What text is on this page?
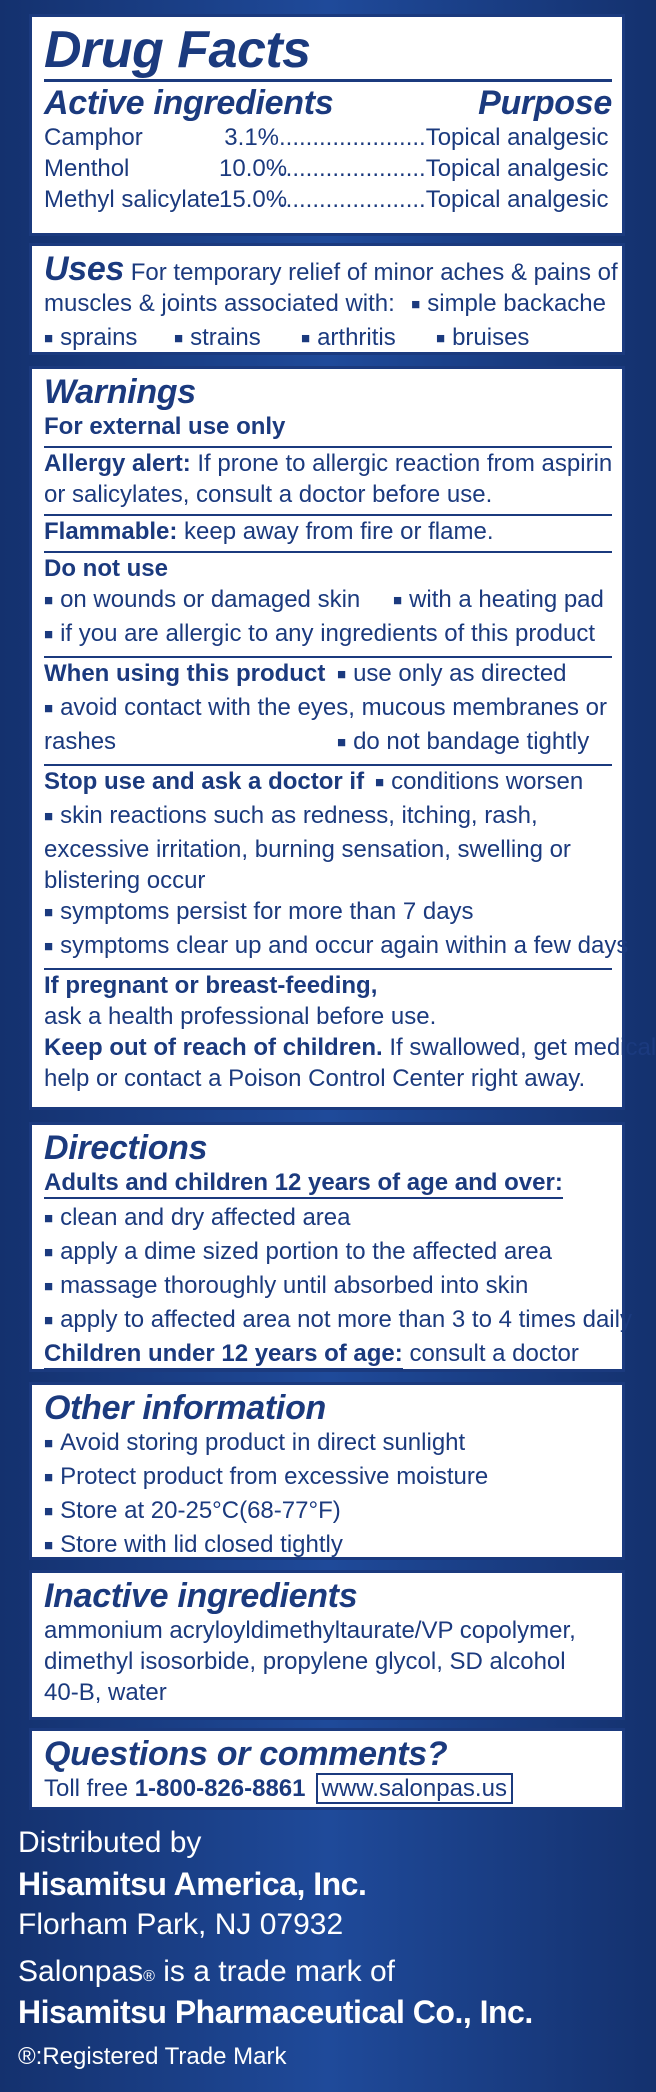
Drug Facts
Active ingredients	Purpose
Camphor	3.1%......................Topical analgesic
Menthol	10.0%......................Topical analgesic
Methyl salicylate15.0%......................Topical analgesic
Uses For temporary relief of minor aches & pains of
muscles & joints associated with: ■ simple backache
■ sprains ■ strains	■ arthritis	■ bruises
Warnings
For external use only
Allergy alert: If prone to allergic reaction from aspirin
or salicylates, consult a doctor before use.
Flammable: keep away from fire or flame.
Do not use
■ on wounds or damaged skin ■ with a heating pad
■ if you are allergic to any ingredients of this product
When using this product ■ use only as directed
■ avoid contact with the eyes, mucous membranes or
rashes	■ do not bandage tightly
Stop use and ask a doctor if ■ conditions worsen
■ skin reactions such as redness, itching, rash,
excessive irritation, burning sensation, swelling or
blistering occur
■ symptoms persist for more than 7 days
■ symptoms clear up and occur again within a few days
If pregnant or breast-feeding,
ask a health professional before use.
Keep out of reach of children. If swallowed, get medical
help or contact a Poison Control Center right away.
Directions
Adults and children 12 years of age and over:
■ clean and dry affected area
■ apply a dime sized portion to the affected area
■ massage thoroughly until absorbed into skin
■ apply to affected area not more than 3 to 4 times daily
Children under 12 years of age: consult a doctor
Other information
■ Avoid storing product in direct sunlight
■ Protect product from excessive moisture
■ Store at 20-25°C(68-77°F)
■ Store with lid closed tightly
Inactive ingredients
ammonium acryloyldimethyltaurate/VP copolymer,
dimethyl isosorbide, propylene glycol, SD alcohol
40-B, water
Questions or comments?
Toll free 1-800-826-8861 www.salonpas.us
Distributed by
Hisamitsu America, Inc.
Florham Park, NJ 07932
Salonpas® is a trade mark of
Hisamitsu Pharmaceutical Co., Inc.
®:Registered Trade Mark
